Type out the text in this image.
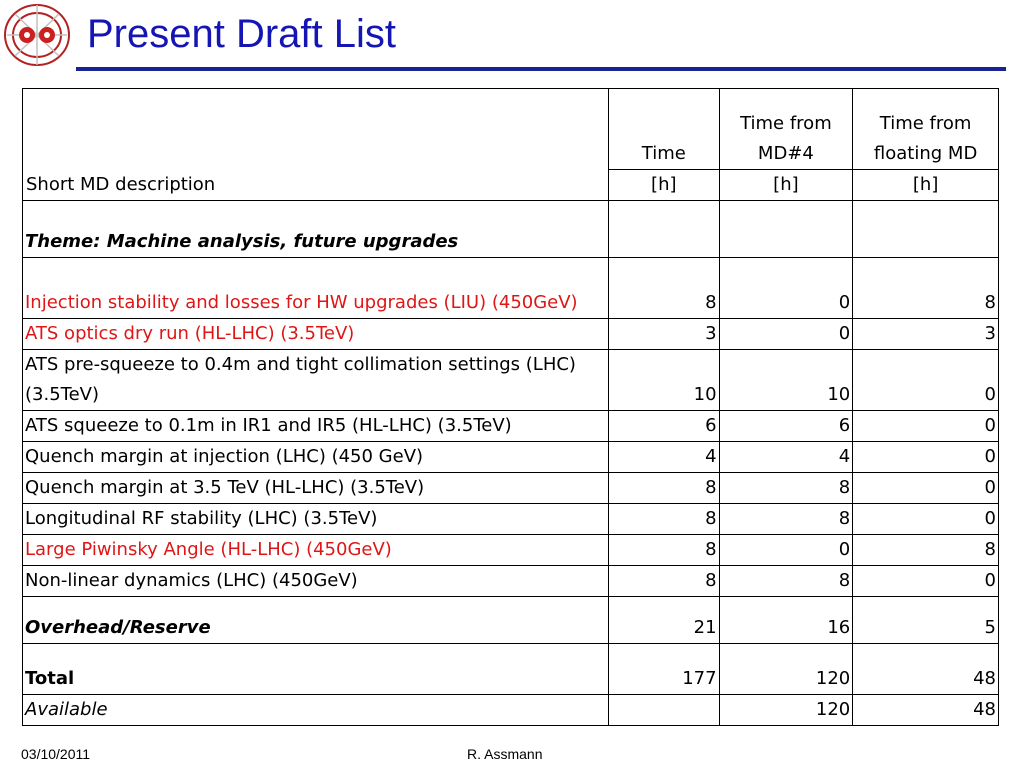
Present Draft List
Short MD description	Time	Time from MD#4	Time from floating MD
	[h]	[h]	[h]
Theme: Machine analysis, future upgrades			
Injection stability and losses for HW upgrades (LIU) (450GeV)	8	0	8
ATS optics dry run (HL-LHC) (3.5TeV)	3	0	3
ATS pre-squeeze to 0.4m and tight collimation settings (LHC) (3.5TeV)	10	10	0
ATS squeeze to 0.1m in IR1 and IR5 (HL-LHC) (3.5TeV)	6	6	0
Quench margin at injection (LHC) (450 GeV)	4	4	0
Quench margin at 3.5 TeV (HL-LHC) (3.5TeV)	8	8	0
Longitudinal RF stability (LHC) (3.5TeV)	8	8	0
Large Piwinsky Angle (HL-LHC) (450GeV)	8	0	8
Non-linear dynamics (LHC) (450GeV)	8	8	0
Overhead/Reserve	21	16	5
Total	177	120	48
Available		120	48
03/10/2011	R. Assmann
